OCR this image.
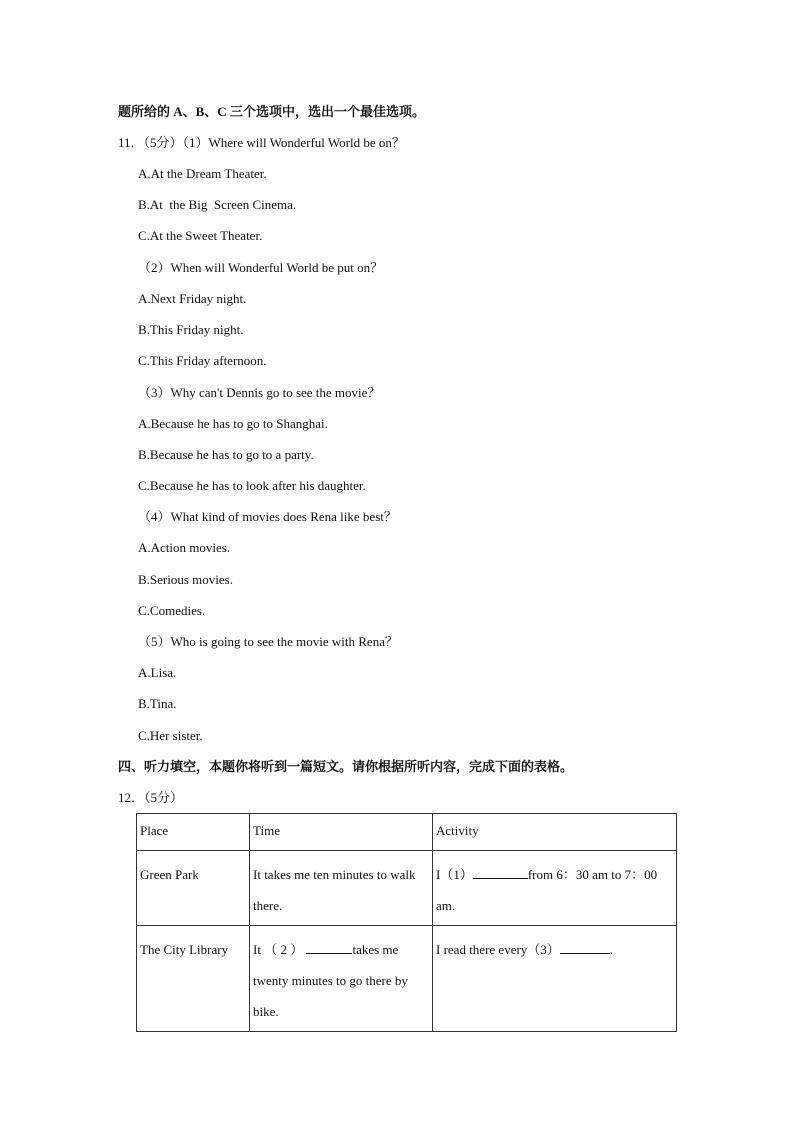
题所给的 A、B、C 三个选项中，选出一个最佳选项。
11．（5分）（1）Where will Wonderful World be on？
A.At the Dream Theater.
B.At  the Big  Screen Cinema.
C.At the Sweet Theater.
（2）When will Wonderful World be put on？
A.Next Friday night.
B.This Friday night.
C.This Friday afternoon.
（3）Why can't Dennis go to see the movie？
A.Because he has to go to Shanghai.
B.Because he has to go to a party.
C.Because he has to look after his daughter.
（4）What kind of movies does Rena like best？
A.Action movies.
B.Serious movies.
C.Comedies.
（5）Who is going to see the movie with Rena？
A.Lisa.
B.Tina.
C.Her sister.
四、听力填空，本题你将听到一篇短文。请你根据所听内容，完成下面的表格。
12．（5分）
Place	Time	Activity
Green Park	It takes me ten minutes to walk there.	I（1） from 6：30 am to 7：00 am.
The City Library	It （ 2 ） takes me twenty minutes to go there by bike.	I read there every（3） .
